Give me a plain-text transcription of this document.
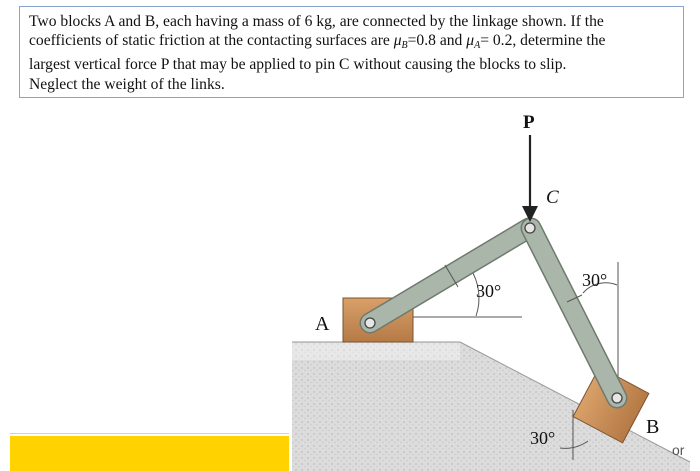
Two blocks A and B, each having a mass of 6 kg, are connected by the linkage shown. If the
coefficients of static friction at the contacting surfaces are $\mu_B=0.8$ and $\mu_A= 0.2$, determine the
largest vertical force P that may be applied to pin C without causing the blocks to slip.
Neglect the weight of the links.
P
C
A
B
30°
30°
30°
or
